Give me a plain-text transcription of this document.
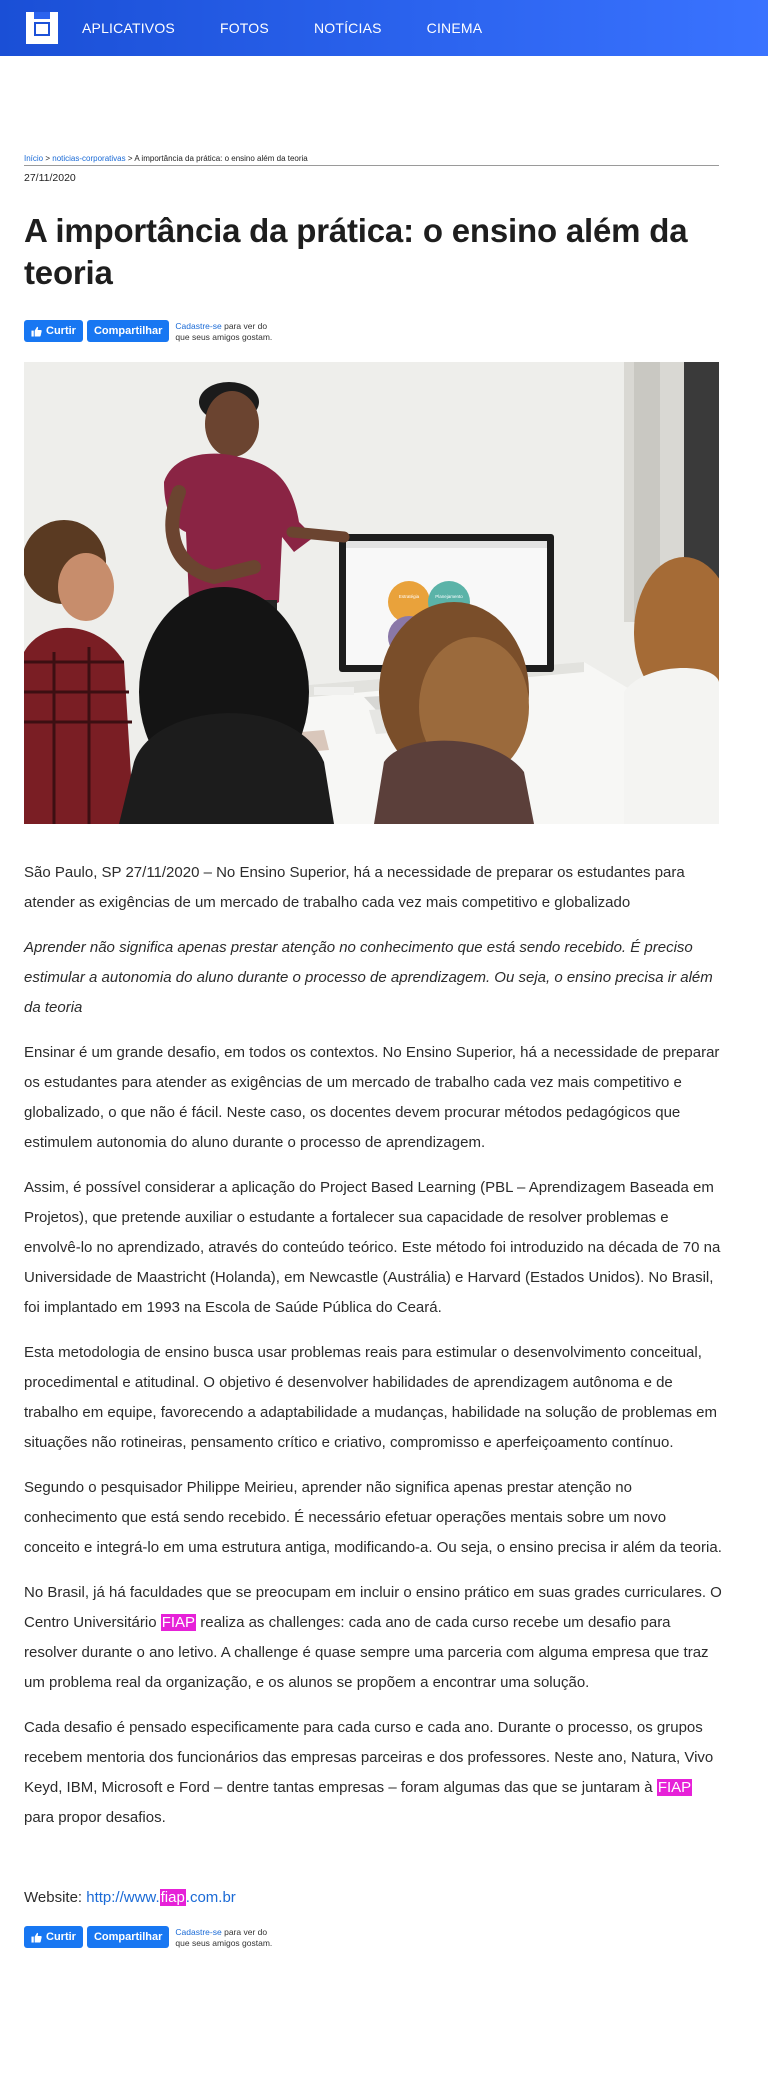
APLICATIVOS	FOTOS	NOTÍCIAS	CINEMA
Início > noticias-corporativas > A importância da prática: o ensino além da teoria
27/11/2020
A importância da prática: o ensino além da teoria
Curtir Compartilhar Cadastre-se para ver do
que seus amigos gostam.
Estratégia	Planejamento

São Paulo, SP 27/11/2020 – No Ensino Superior, há a necessidade de preparar os estudantes para atender as exigências de um mercado de trabalho cada vez mais competitivo e globalizado

Aprender não significa apenas prestar atenção no conhecimento que está sendo recebido. É preciso estimular a autonomia do aluno durante o processo de aprendizagem. Ou seja, o ensino precisa ir além da teoria

Ensinar é um grande desafio, em todos os contextos. No Ensino Superior, há a necessidade de preparar os estudantes para atender as exigências de um mercado de trabalho cada vez mais competitivo e globalizado, o que não é fácil. Neste caso, os docentes devem procurar métodos pedagógicos que estimulem autonomia do aluno durante o processo de aprendizagem.

Assim, é possível considerar a aplicação do Project Based Learning (PBL – Aprendizagem Baseada em Projetos), que pretende auxiliar o estudante a fortalecer sua capacidade de resolver problemas e envolvê-lo no aprendizado, através do conteúdo teórico. Este método foi introduzido na década de 70 na Universidade de Maastricht (Holanda), em Newcastle (Austrália) e Harvard (Estados Unidos). No Brasil, foi implantado em 1993 na Escola de Saúde Pública do Ceará.

Esta metodologia de ensino busca usar problemas reais para estimular o desenvolvimento conceitual, procedimental e atitudinal. O objetivo é desenvolver habilidades de aprendizagem autônoma e de trabalho em equipe, favorecendo a adaptabilidade a mudanças, habilidade na solução de problemas em situações não rotineiras, pensamento crítico e criativo, compromisso e aperfeiçoamento contínuo.

Segundo o pesquisador Philippe Meirieu, aprender não significa apenas prestar atenção no conhecimento que está sendo recebido. É necessário efetuar operações mentais sobre um novo conceito e integrá-lo em uma estrutura antiga, modificando-a. Ou seja, o ensino precisa ir além da teoria.

No Brasil, já há faculdades que se preocupam em incluir o ensino prático em suas grades curriculares. O Centro Universitário FIAP realiza as challenges: cada ano de cada curso recebe um desafio para resolver durante o ano letivo. A challenge é quase sempre uma parceria com alguma empresa que traz um problema real da organização, e os alunos se propõem a encontrar uma solução.

Cada desafio é pensado especificamente para cada curso e cada ano. Durante o processo, os grupos recebem mentoria dos funcionários das empresas parceiras e dos professores. Neste ano, Natura, Vivo Keyd, IBM, Microsoft e Ford – dentre tantas empresas – foram algumas das que se juntaram à FIAP para propor desafios.

Website: http://www.fiap.com.br
Curtir Compartilhar Cadastre-se para ver do
que seus amigos gostam.
